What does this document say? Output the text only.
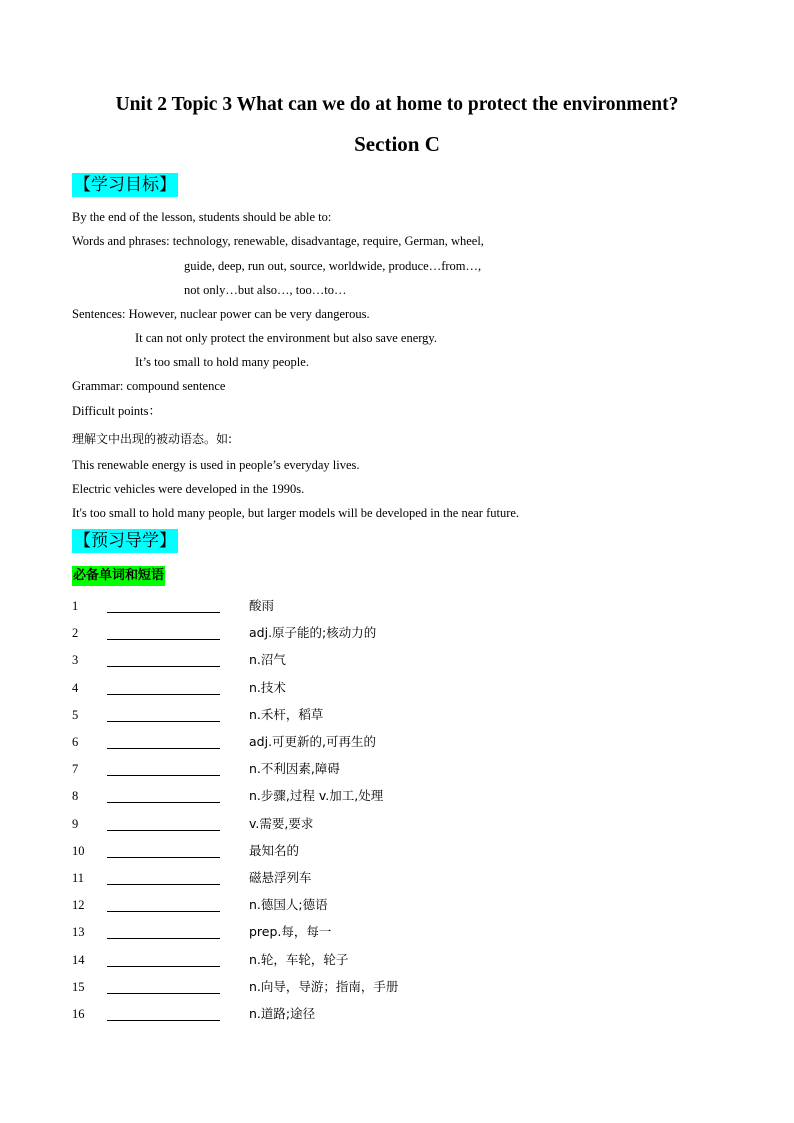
Unit 2 Topic 3 What can we do at home to protect the environment?
Section C
【学习目标】
By the end of the lesson, students should be able to:
Words and phrases: technology, renewable, disadvantage, require, German, wheel,
guide, deep, run out, source, worldwide, produce…from…,
not only…but also…, too…to…
Sentences: However, nuclear power can be very dangerous.
It can not only protect the environment but also save energy.
It’s too small to hold many people.
Grammar: compound sentence
Difficult points：
理解文中出现的被动语态。如:
This renewable energy is used in people’s everyday lives.
Electric vehicles were developed in the 1990s.
It's too small to hold many people, but larger models will be developed in the near future.
【预习导学】
必备单词和短语
1	酸雨
2	adj.原子能的;核动力的
3	n.沼气
4	n.技术
5	n.禾杆，稻草
6	adj.可更新的,可再生的
7	n.不利因素,障碍
8	n.步骤,过程 v.加工,处理
9	v.需要,要求
10	最知名的
11	磁悬浮列车
12	n.德国人;德语
13	prep.每，每一
14	n.轮，车轮，轮子
15	n.向导，导游；指南，手册
16	n.道路;途径
